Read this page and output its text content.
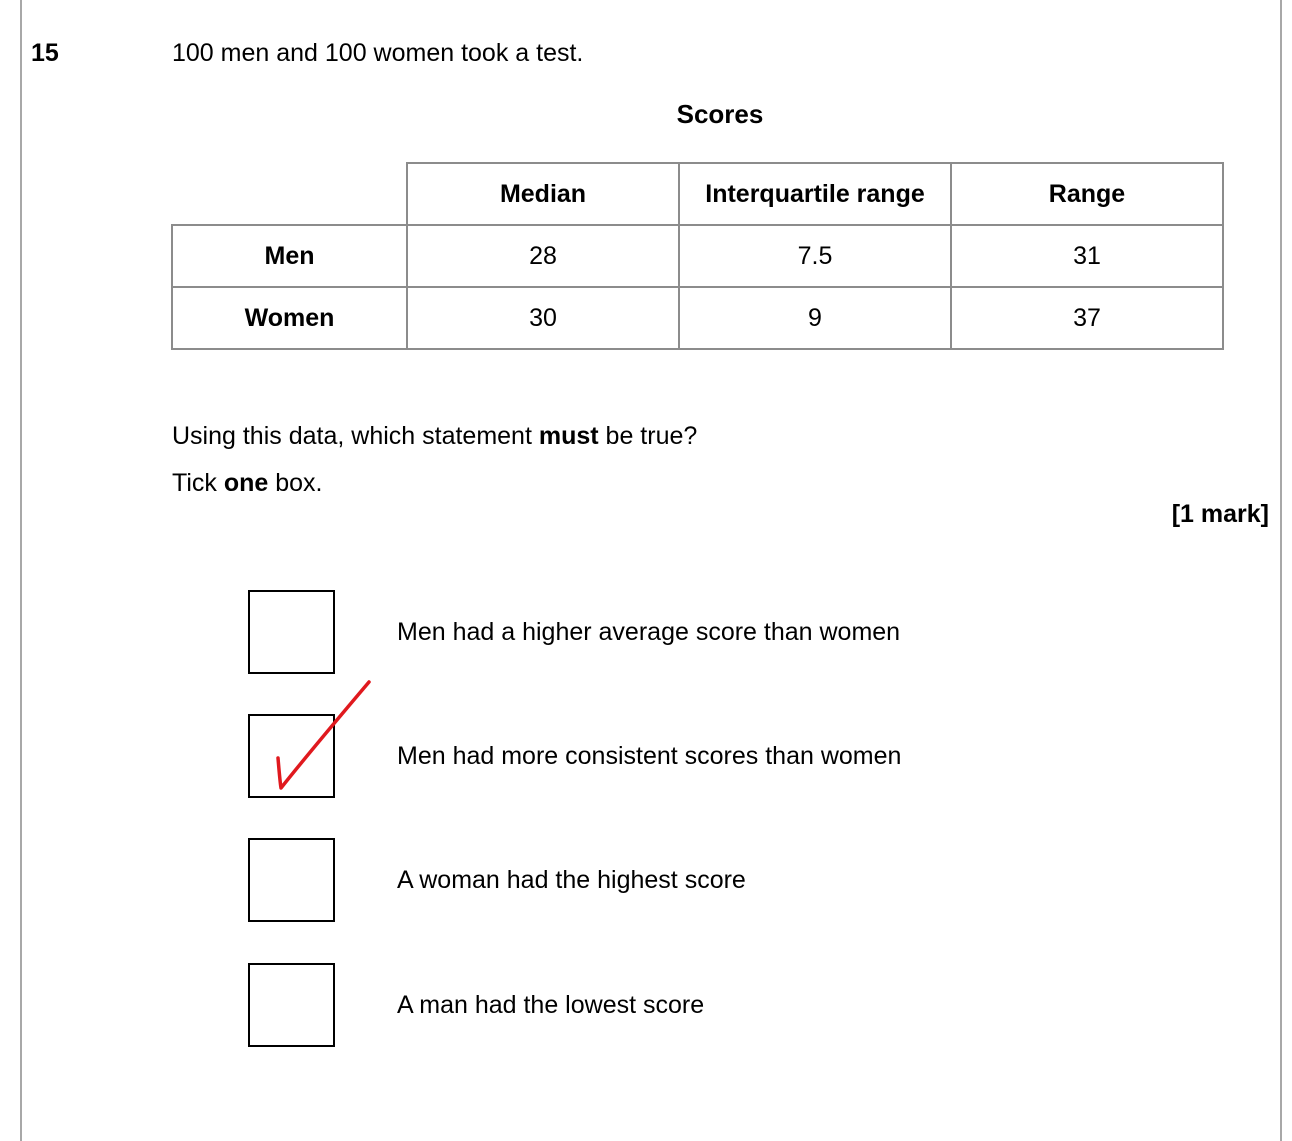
15	100 men and 100 women took a test.
Scores
	Median	Interquartile range	Range
Men	28	7.5	31
Women	30	9	37
Using this data, which statement must be true?
Tick one box.
[1 mark]
Men had a higher average score than women
Men had more consistent scores than women
A woman had the highest score
A man had the lowest score
